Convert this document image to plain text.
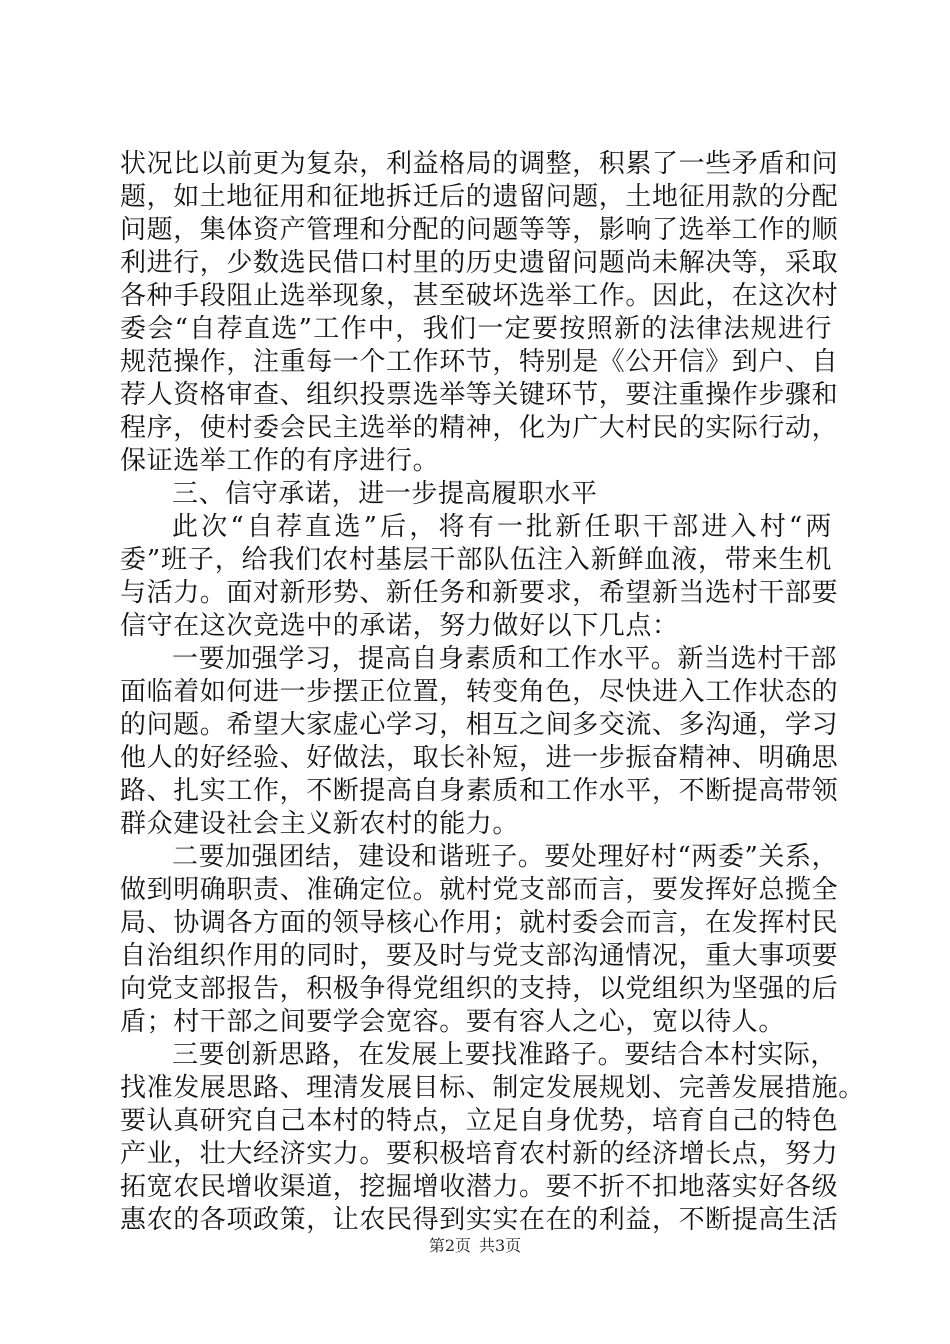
状况比以前更为复杂，利益格局的调整，积累了一些矛盾和问
题，如土地征用和征地拆迁后的遗留问题，土地征用款的分配
问题，集体资产管理和分配的问题等等，影响了选举工作的顺
利进行，少数选民借口村里的历史遗留问题尚未解决等，采取
各种手段阻止选举现象，甚至破坏选举工作。因此，在这次村
委会“自荐直选”工作中，我们一定要按照新的法律法规进行
规范操作，注重每一个工作环节，特别是《公开信》到户、自
荐人资格审查、组织投票选举等关键环节，要注重操作步骤和
程序，使村委会民主选举的精神，化为广大村民的实际行动，
保证选举工作的有序进行。
三、信守承诺，进一步提高履职水平
此次“自荐直选”后，将有一批新任职干部进入村“两
委”班子，给我们农村基层干部队伍注入新鲜血液，带来生机
与活力。面对新形势、新任务和新要求，希望新当选村干部要
信守在这次竞选中的承诺，努力做好以下几点：
一要加强学习，提高自身素质和工作水平。新当选村干部
面临着如何进一步摆正位置，转变角色，尽快进入工作状态的
的问题。希望大家虚心学习，相互之间多交流、多沟通，学习
他人的好经验、好做法，取长补短，进一步振奋精神、明确思
路、扎实工作，不断提高自身素质和工作水平，不断提高带领
群众建设社会主义新农村的能力。
二要加强团结，建设和谐班子。要处理好村“两委”关系，
做到明确职责、准确定位。就村党支部而言，要发挥好总揽全
局、协调各方面的领导核心作用；就村委会而言，在发挥村民
自治组织作用的同时，要及时与党支部沟通情况，重大事项要
向党支部报告，积极争得党组织的支持，以党组织为坚强的后
盾；村干部之间要学会宽容。要有容人之心，宽以待人。
三要创新思路，在发展上要找准路子。要结合本村实际，
找准发展思路、理清发展目标、制定发展规划、完善发展措施。
要认真研究自己本村的特点，立足自身优势，培育自己的特色
产业，壮大经济实力。要积极培育农村新的经济增长点，努力
拓宽农民增收渠道，挖掘增收潜力。要不折不扣地落实好各级
惠农的各项政策，让农民得到实实在在的利益，不断提高生活
第2页 共3页
